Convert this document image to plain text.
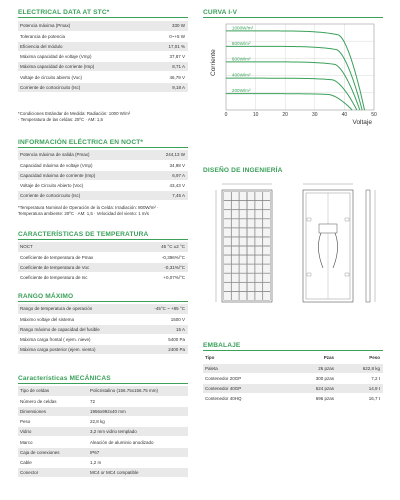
ELECTRICAL DATA AT STC*
Potencia máxima (Pmax)	330 W
Tolerancia de potencia	0~+5 W
Eficiencia del módulo	17,01 %
Máxima capacidad de voltaje (Vmp)	37,87 V
Máxima capacidad de corriente (Imp)	8,71 A
Voltaje de circuito abierto (Voc)	46,79 V
Corriente de cortocircuito (Isc)	9,18 A
*Condiciones Estándar de Medida: Radiación: 1000 W/m²
· Temperatura de las celdas: 25ºC · AM: 1,5
INFORMACIÓN ELÉCTRICA EN NOCT*
Potencia máxima de salida (Pmax)	244,13 W
Capacidad máxima de voltaje (Vmp)	34,98 V
Capacidad máxima de corriente (Imp)	6,97 A
Voltaje de Circuito Abierto (Voc)	43,43 V
Corriente de cortocircuito (Isc)	7,45 A
*Temperatura Nominal de Operación de la Celda: Irradiación: 800W/m² ·
Temperatura ambiente: 20ºC · AM: 1,5 · Velocidad del viento: 1 m/s
CARACTERÍSTICAS DE TEMPERATURA
NOCT	45 °C ±2 °C
Coeficiente de temperatura de Pmax	-0,396%/°C
Coeficiente de temperatura de Voc	-0,31%/°C
Coeficiente de temperatura de Isc	+0,07%/°C
RANGO MÁXIMO
Rango de temperatura de operación	-45°C ~ +85 °C
Máximo voltaje del sistema	1500 V
Rango máximo de capacidad del fusible	15 A
Máxima carga frontal ( ejem. nieve)	5400 Pa
Máxima carga posterior (ejem. viento)	2400 Pa
Características MECÁNICAS
Tipo de celdas	Policristalino (156.75x156.75 mm)
Número de celdas	72
Dimensiones	1956x992x40 mm
Peso	22,8 kg
Vidrio	3,2 mm vidrio templado
Marco	Aleación de aluminio anodizado
Caja de conexiones	IP67
Cable	1,2 m
Conector	MC4 or MC4 compatible
CURVA I-V
Corriente
0	10	20	30	40	50
1000W/m²
800W/m²
600W/m²
400W/m²
200W/m²
Voltaje
DISEÑO DE INGENIERÍA
EMBALAJE
Tipo	Pzas	Peso
Paleta	26 pzas	622,8 kg
Contenedor 20GP	300 pzas	7,2 t
Contenedor 40GP	624 pzas	14,9 t
Contenedor 40HQ	696 pzas	16,7 t
